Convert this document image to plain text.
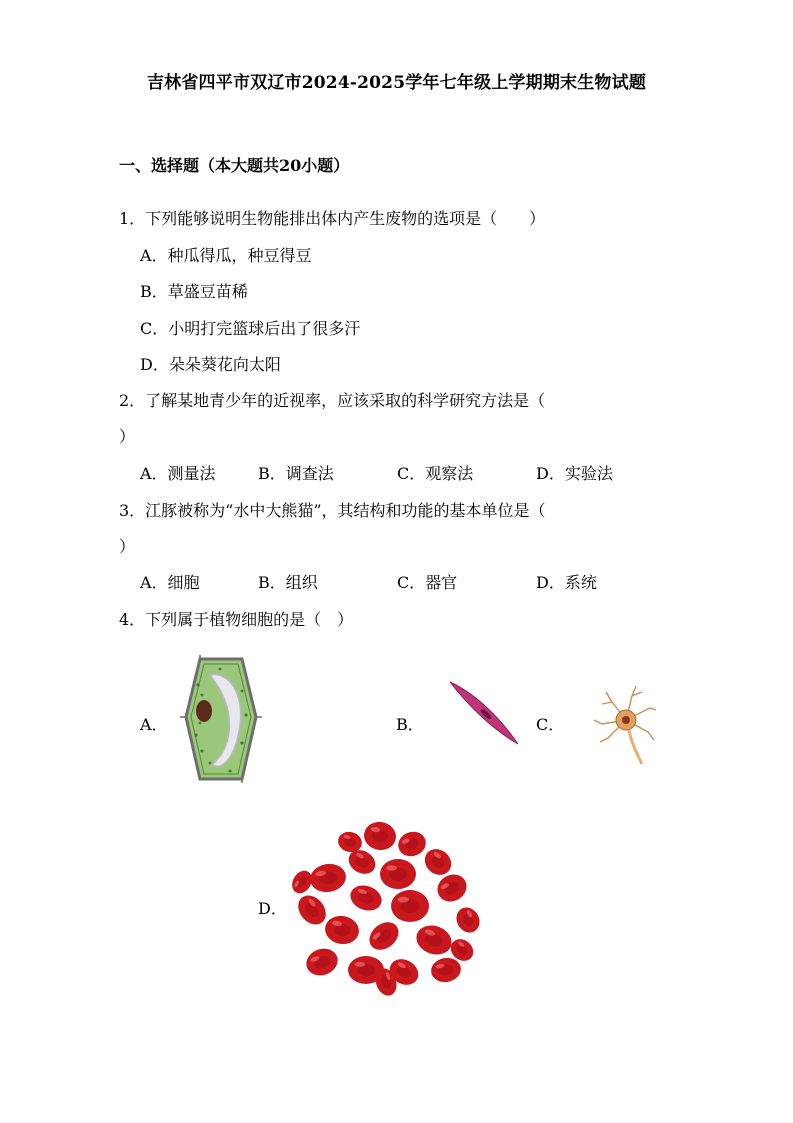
吉林省四平市双辽市2024-2025学年七年级上学期期末生物试题
一、选择题（本大题共20小题）
1．下列能够说明生物能排出体内产生废物的选项是（　　）
A．种瓜得瓜，种豆得豆
B．草盛豆苗稀
C．小明打完篮球后出了很多汗
D．朵朵葵花向太阳
2．了解某地青少年的近视率，应该采取的科学研究方法是（
）
A．测量法	B．调查法	C．观察法	D．实验法
3．江豚被称为“水中大熊猫”，其结构和功能的基本单位是（
）
A．细胞	B．组织	C．器官	D．系统
4．下列属于植物细胞的是（　）
A．	B．	C．
D．
